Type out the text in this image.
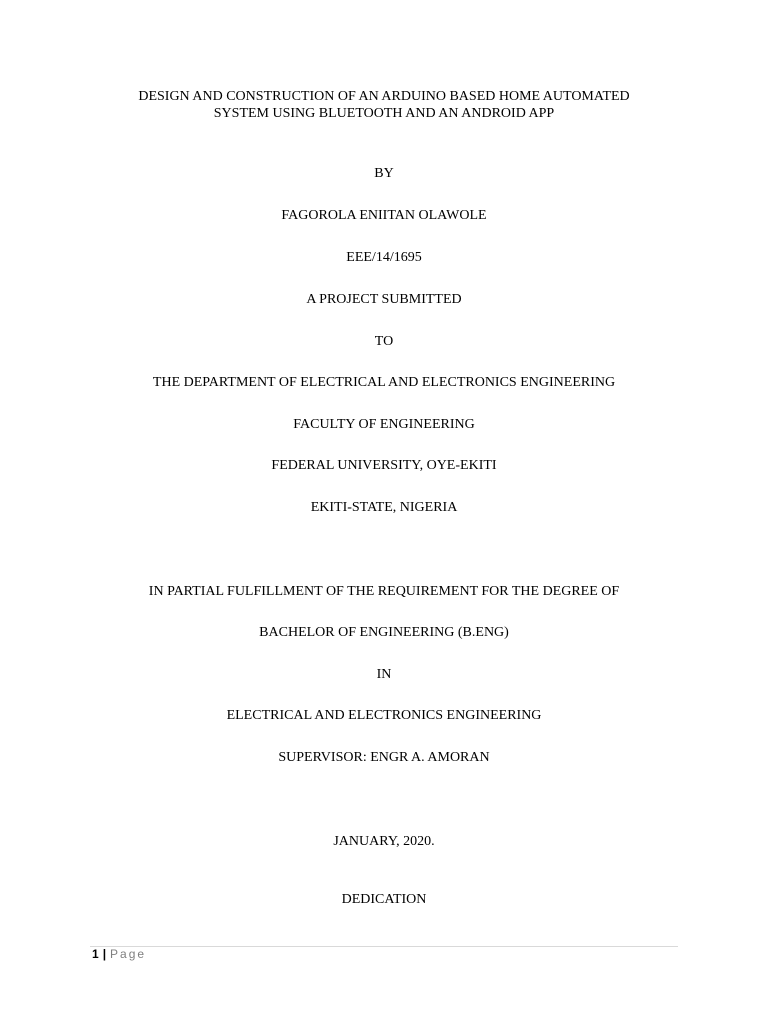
DESIGN AND CONSTRUCTION OF AN ARDUINO BASED HOME AUTOMATED
SYSTEM USING BLUETOOTH AND AN ANDROID APP
BY
FAGOROLA ENIITAN OLAWOLE
EEE/14/1695
A PROJECT SUBMITTED
TO
THE DEPARTMENT OF ELECTRICAL AND ELECTRONICS ENGINEERING
FACULTY OF ENGINEERING
FEDERAL UNIVERSITY, OYE-EKITI
EKITI-STATE, NIGERIA
IN PARTIAL FULFILLMENT OF THE REQUIREMENT FOR THE DEGREE OF
BACHELOR OF ENGINEERING (B.ENG)
IN
ELECTRICAL AND ELECTRONICS ENGINEERING
SUPERVISOR: ENGR A. AMORAN
JANUARY, 2020.
DEDICATION
1 | Page
